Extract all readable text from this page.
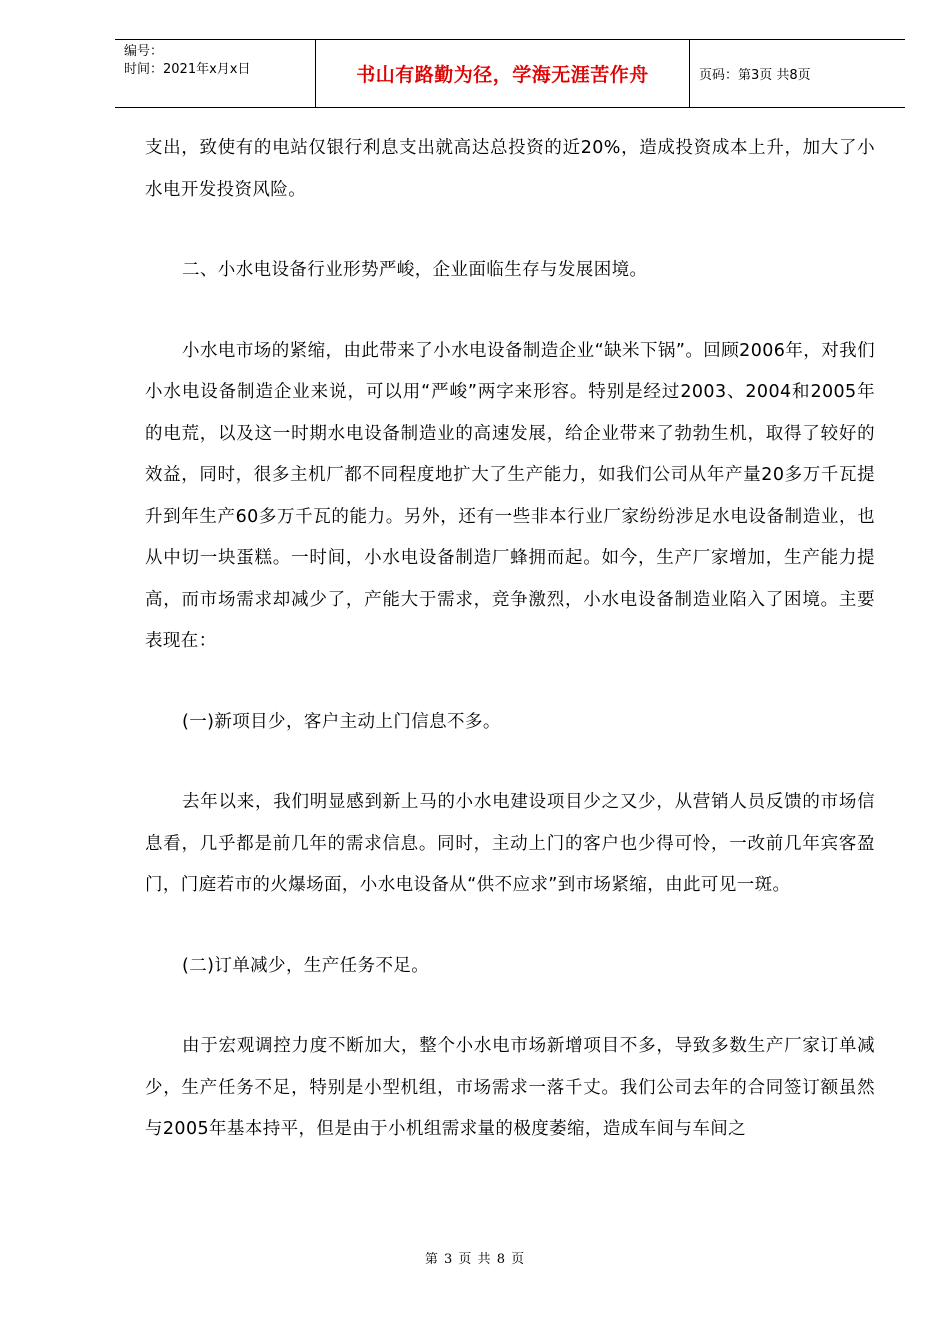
编号：
时间：2021年x月x日	书山有路勤为径，学海无涯苦作舟	页码：第3页 共8页

支出，致使有的电站仅银行利息支出就高达总投资的近20%，造成投资成本上升，加大了小水电开发投资风险。

二、小水电设备行业形势严峻，企业面临生存与发展困境。

小水电市场的紧缩，由此带来了小水电设备制造企业“缺米下锅”。回顾2006年，对我们小水电设备制造企业来说，可以用“严峻”两字来形容。特别是经过2003、2004和2005年的电荒，以及这一时期水电设备制造业的高速发展，给企业带来了勃勃生机，取得了较好的效益，同时，很多主机厂都不同程度地扩大了生产能力，如我们公司从年产量20多万千瓦提升到年生产60多万千瓦的能力。另外，还有一些非本行业厂家纷纷涉足水电设备制造业，也从中切一块蛋糕。一时间，小水电设备制造厂蜂拥而起。如今，生产厂家增加，生产能力提高，而市场需求却减少了，产能大于需求，竞争激烈，小水电设备制造业陷入了困境。主要表现在：

(一)新项目少，客户主动上门信息不多。

去年以来，我们明显感到新上马的小水电建设项目少之又少，从营销人员反馈的市场信息看，几乎都是前几年的需求信息。同时，主动上门的客户也少得可怜，一改前几年宾客盈门，门庭若市的火爆场面，小水电设备从“供不应求”到市场紧缩，由此可见一斑。

(二)订单减少，生产任务不足。

由于宏观调控力度不断加大，整个小水电市场新增项目不多，导致多数生产厂家订单减少，生产任务不足，特别是小型机组，市场需求一落千丈。我们公司去年的合同签订额虽然与2005年基本持平，但是由于小机组需求量的极度萎缩，造成车间与车间之

第 3 页 共 8 页
